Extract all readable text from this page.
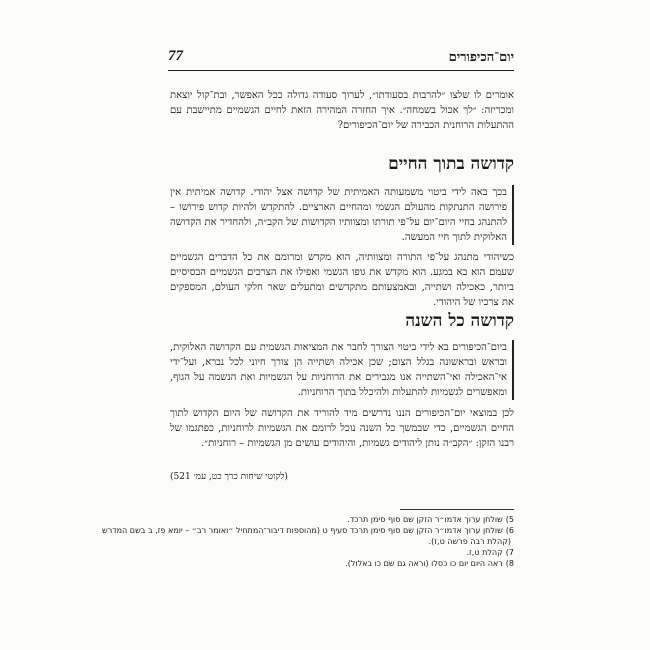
77	יום־הכיפורים

אומרים לו שלצו ״להרבות בסעודתו״, לערוך סעודה גדולה ככל האפשר, ובת־קול יוצאת ומכריזה: ״לך אכול בשמחה״. איך החזרה המהירה הזאת לחיים הגשמיים מתיישבת עם ההתעלות הרוחנית הכבירה של יום־הכיפורים?

קדושה בתוך החיים

בכך באה לידי ביטוי משמעותה האמיתית של קדושה אצל יהודי. קדושה אמיתית אין פירושה התנתקות מהעולם הגשמי ומהחיים הארציים. להתקדש ולהיות קדוש פירושו – להתנהג בחיי היום־יום על־פי תורתו ומצוותיו הקדושות של הקב״ה, ולהחדיר את הקדושה האלוקית לתוך חיי המעשה.

כשיהודי מתנהג על־פי התורה ומצוותיה, הוא מקדש ומרומם את כל הדברים הגשמיים שעמם הוא בא במגע. הוא מקדש את גופו הגשמי ואפילו את הצרכים הגשמיים הבסיסיים ביותר, כאכילה ושתייה, ובאמצעותם מתקדשים ומתעלים שאר חלקי העולם, המספקים את צרכיו של היהודי.

קדושה כל השנה

ביום־הכיפורים בא לידי ביטוי הצורך לחבר את המציאות הגשמית עם הקדושה האלוקית, ובראש ובראשונה בגלל הצום; שכן אכילה ושתייה הן צורך חיוני לכל נברא, ועל־ידי אי־האכילה ואי־השתייה אנו מגבירים את הרוחניות על הגשמיות ואת הנשמה על הגוף, ומאפשרים לגשמיות להתעלות ולהיכלל בתוך הרוחניות.

לכן במוצאי יום־הכיפורים הננו נדרשים מיד להוריד את הקדושה של היום הקדוש לתוך החיים הגשמיים, כדי שבמשך כל השנה נוכל לרומם את הגשמיות לרוחניות, כפתגמו של רבנו הזקן: ״הקב״ה נותן ליהודים גשמיות, והיהודים עושים מן הגשמיות – רוחניות״.

(לקוטי שיחות כרך כט, עמ׳ 521)
5)שולחן ערוך אדמו״ר הזקן שם סוף סימן תרכד.
6)שולחן ערוך אדמו״ר הזקן שם סוף סימן תרכד סעיף ט (מהוספות דיבור־המתחיל ״ואומר רב״ – יומא פז, ב בשם המדרש
(קהלת רבה פרשה ט,ז).
7)קהלת ט,ז.
8)ראה היום יום כו כסלו (וראה גם שם כו באלול).
